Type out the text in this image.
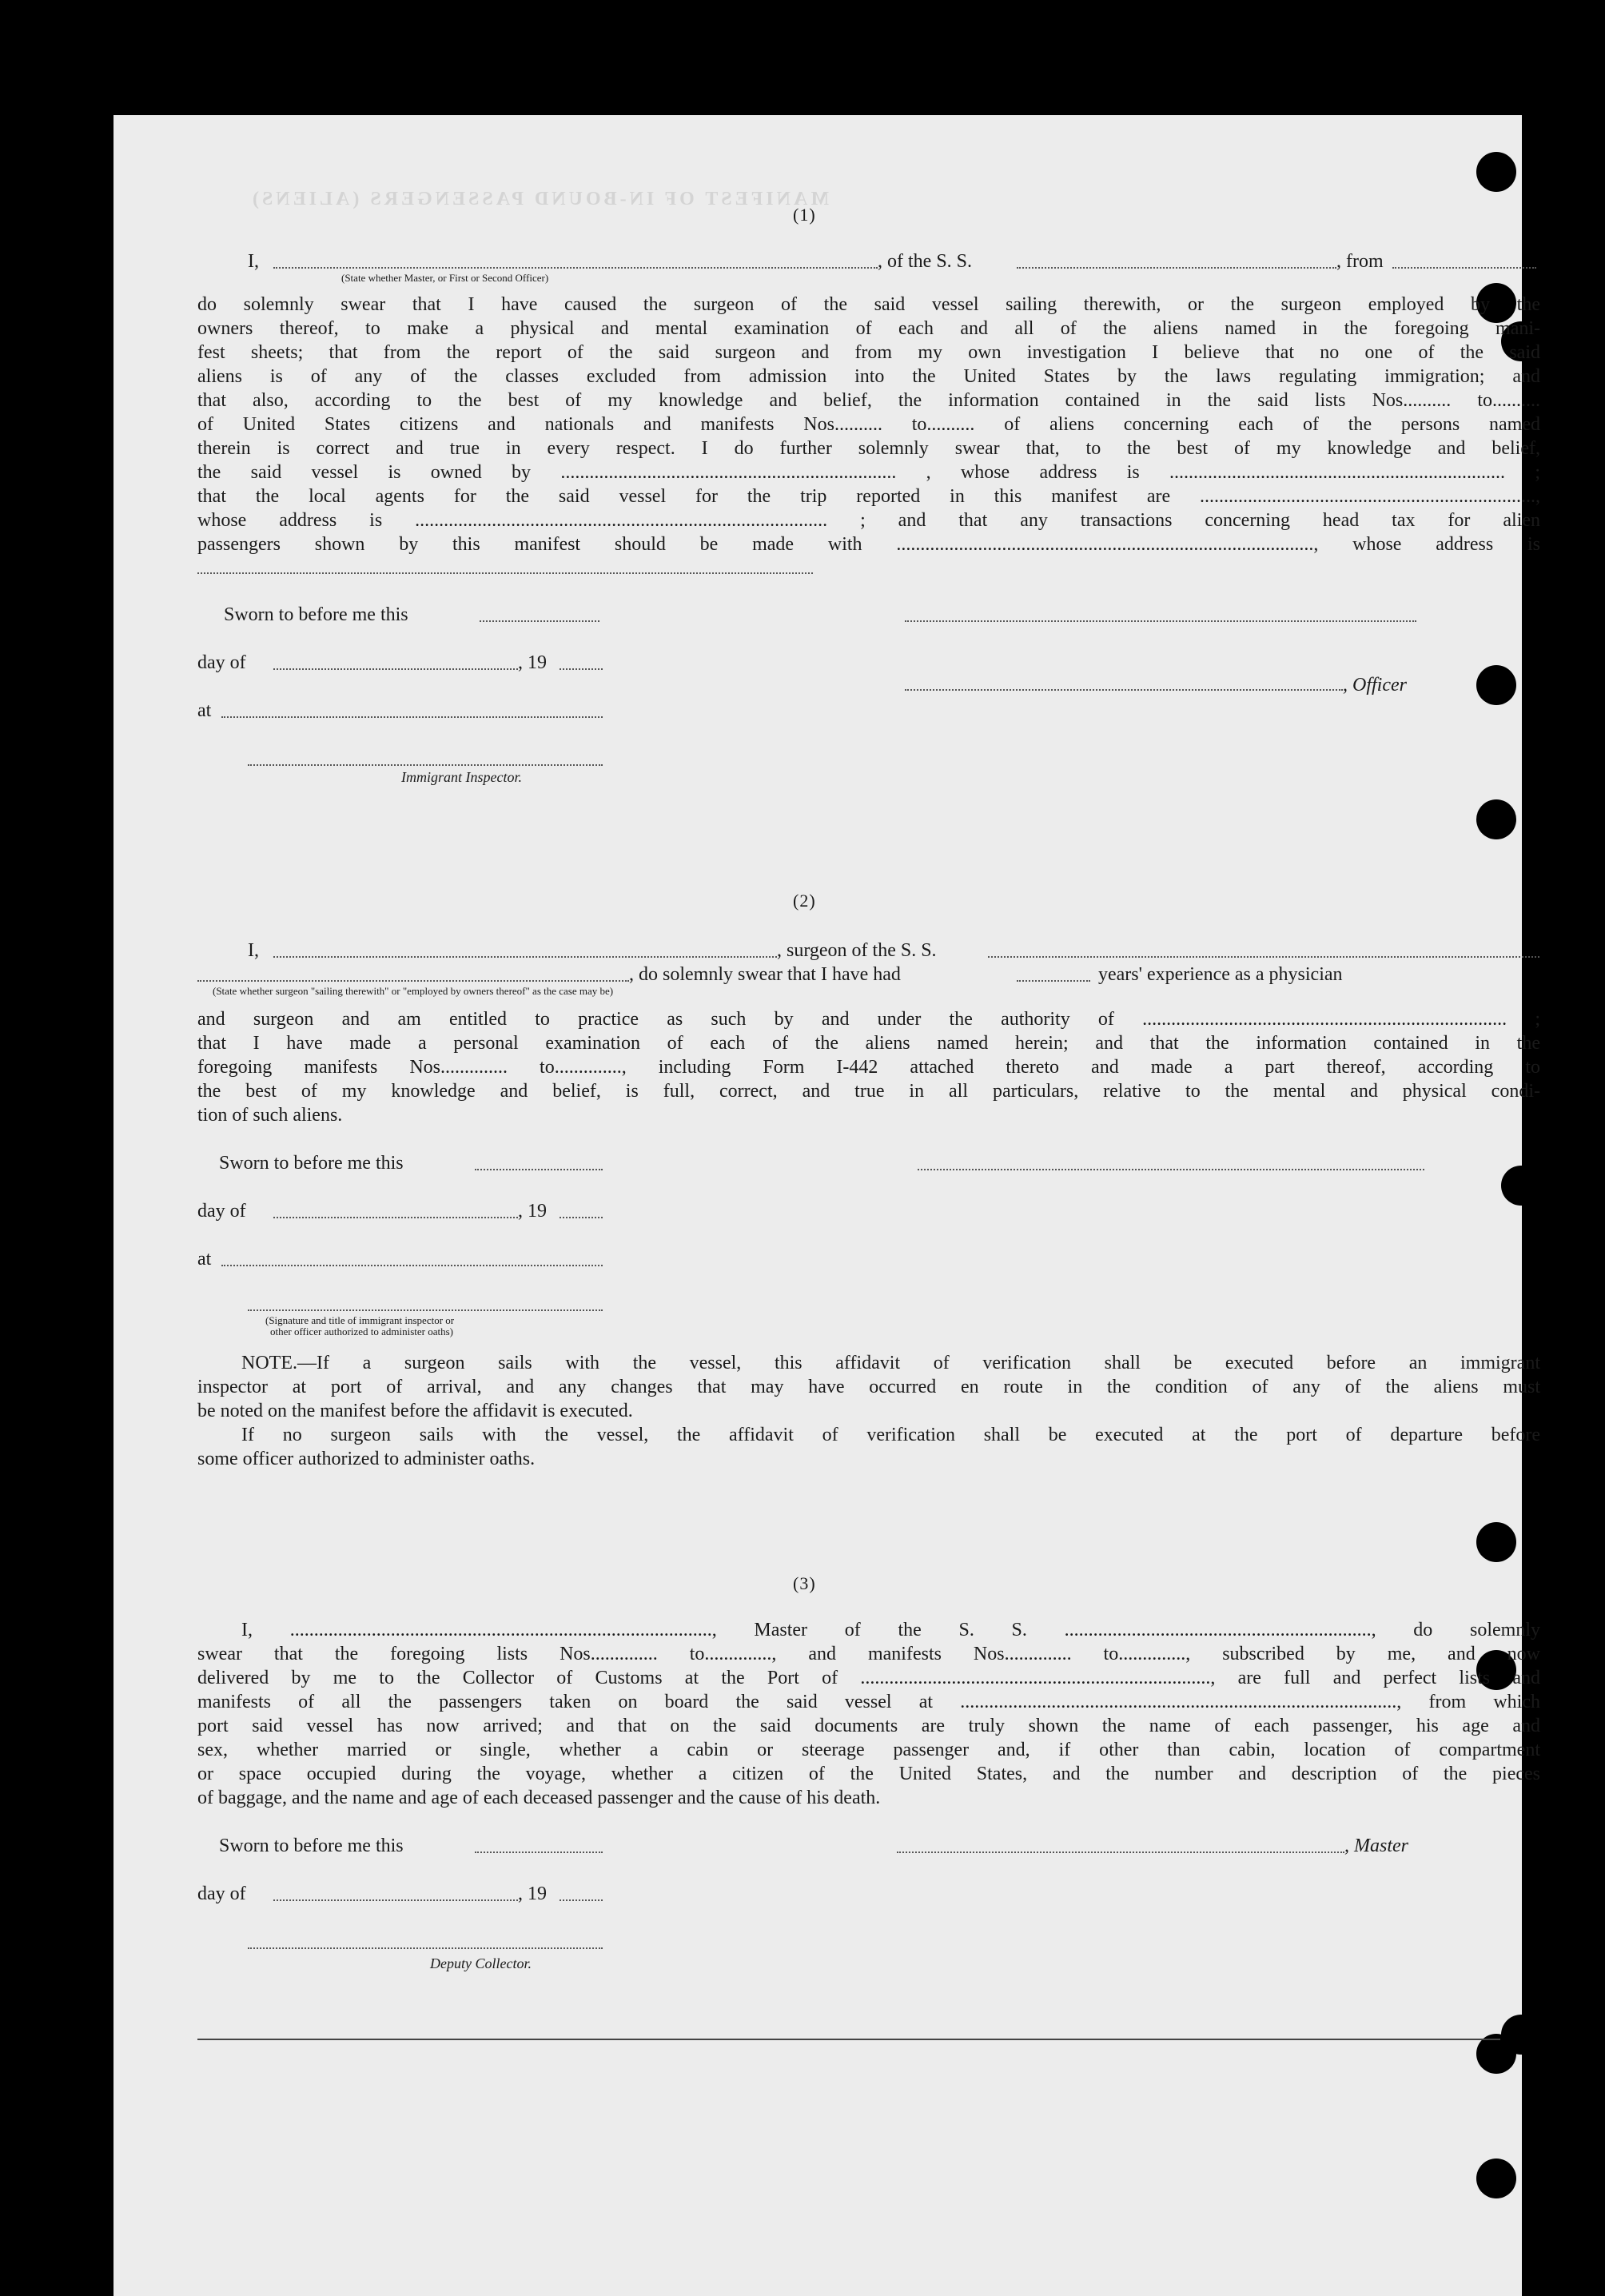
MANIFEST OF IN-BOUND PASSENGERS (ALIENS)
(1)
I,	, of the S. S.	, from
(State whether Master, or First or Second Officer)
do solemnly swear that I have caused the surgeon of the said vessel sailing therewith, or the surgeon employed by the
owners thereof, to make a physical and mental examination of each and all of the aliens named in the foregoing mani-
fest sheets; that from the report of the said surgeon and from my own investigation I believe that no one of the said
aliens is of any of the classes excluded from admission into the United States by the laws regulating immigration; and
that also, according to the best of my knowledge and belief, the information contained in the said lists Nos.......... to..........
of United States citizens and nationals and manifests Nos.......... to.......... of aliens concerning each of the persons named
therein is correct and true in every respect. I do further solemnly swear that, to the best of my knowledge and belief,
the said vessel is owned by ...................................................................... , whose address is ...................................................................... ;
that the local agents for the said vessel for the trip reported in this manifest are ......................................................................,
whose address is ...................................................................................... ; and that any transactions concerning head tax for alien
passengers shown by this manifest should be made with ......................................................................................., whose address is
Sworn to before me this
day of	, 19
, Officer
at
Immigrant Inspector.
(2)
I,	, surgeon of the S. S.
, do solemnly swear that I have had	years' experience as a physician
(State whether surgeon "sailing therewith" or "employed by owners thereof" as the case may be)
and surgeon and am entitled to practice as such by and under the authority of ............................................................................ ;
that I have made a personal examination of each of the aliens named herein; and that the information contained in the
foregoing manifests Nos.............. to.............., including Form I-442 attached thereto and made a part thereof, according to
the best of my knowledge and belief, is full, correct, and true in all particulars, relative to the mental and physical condi-
tion of such aliens.
Sworn to before me this
day of	, 19
at
(Signature and title of immigrant inspector or
other officer authorized to administer oaths)
NOTE.—If a surgeon sails with the vessel, this affidavit of verification shall be executed before an immigrant
inspector at port of arrival, and any changes that may have occurred en route in the condition of any of the aliens must
be noted on the manifest before the affidavit is executed.
If no surgeon sails with the vessel, the affidavit of verification shall be executed at the port of departure before
some officer authorized to administer oaths.
(3)
I, ........................................................................................, Master of the S. S. ................................................................, do solemnly
swear that the foregoing lists Nos.............. to.............., and manifests Nos.............. to.............., subscribed by me, and now
delivered by me to the Collector of Customs at the Port of ........................................................................., are full and perfect lists and
manifests of all the passengers taken on board the said vessel at ..........................................................................................., from which
port said vessel has now arrived; and that on the said documents are truly shown the name of each passenger, his age and
sex, whether married or single, whether a cabin or steerage passenger and, if other than cabin, location of compartment
or space occupied during the voyage, whether a citizen of the United States, and the number and description of the pieces
of baggage, and the name and age of each deceased passenger and the cause of his death.
Sworn to before me this	, Master
day of	, 19
Deputy Collector.
